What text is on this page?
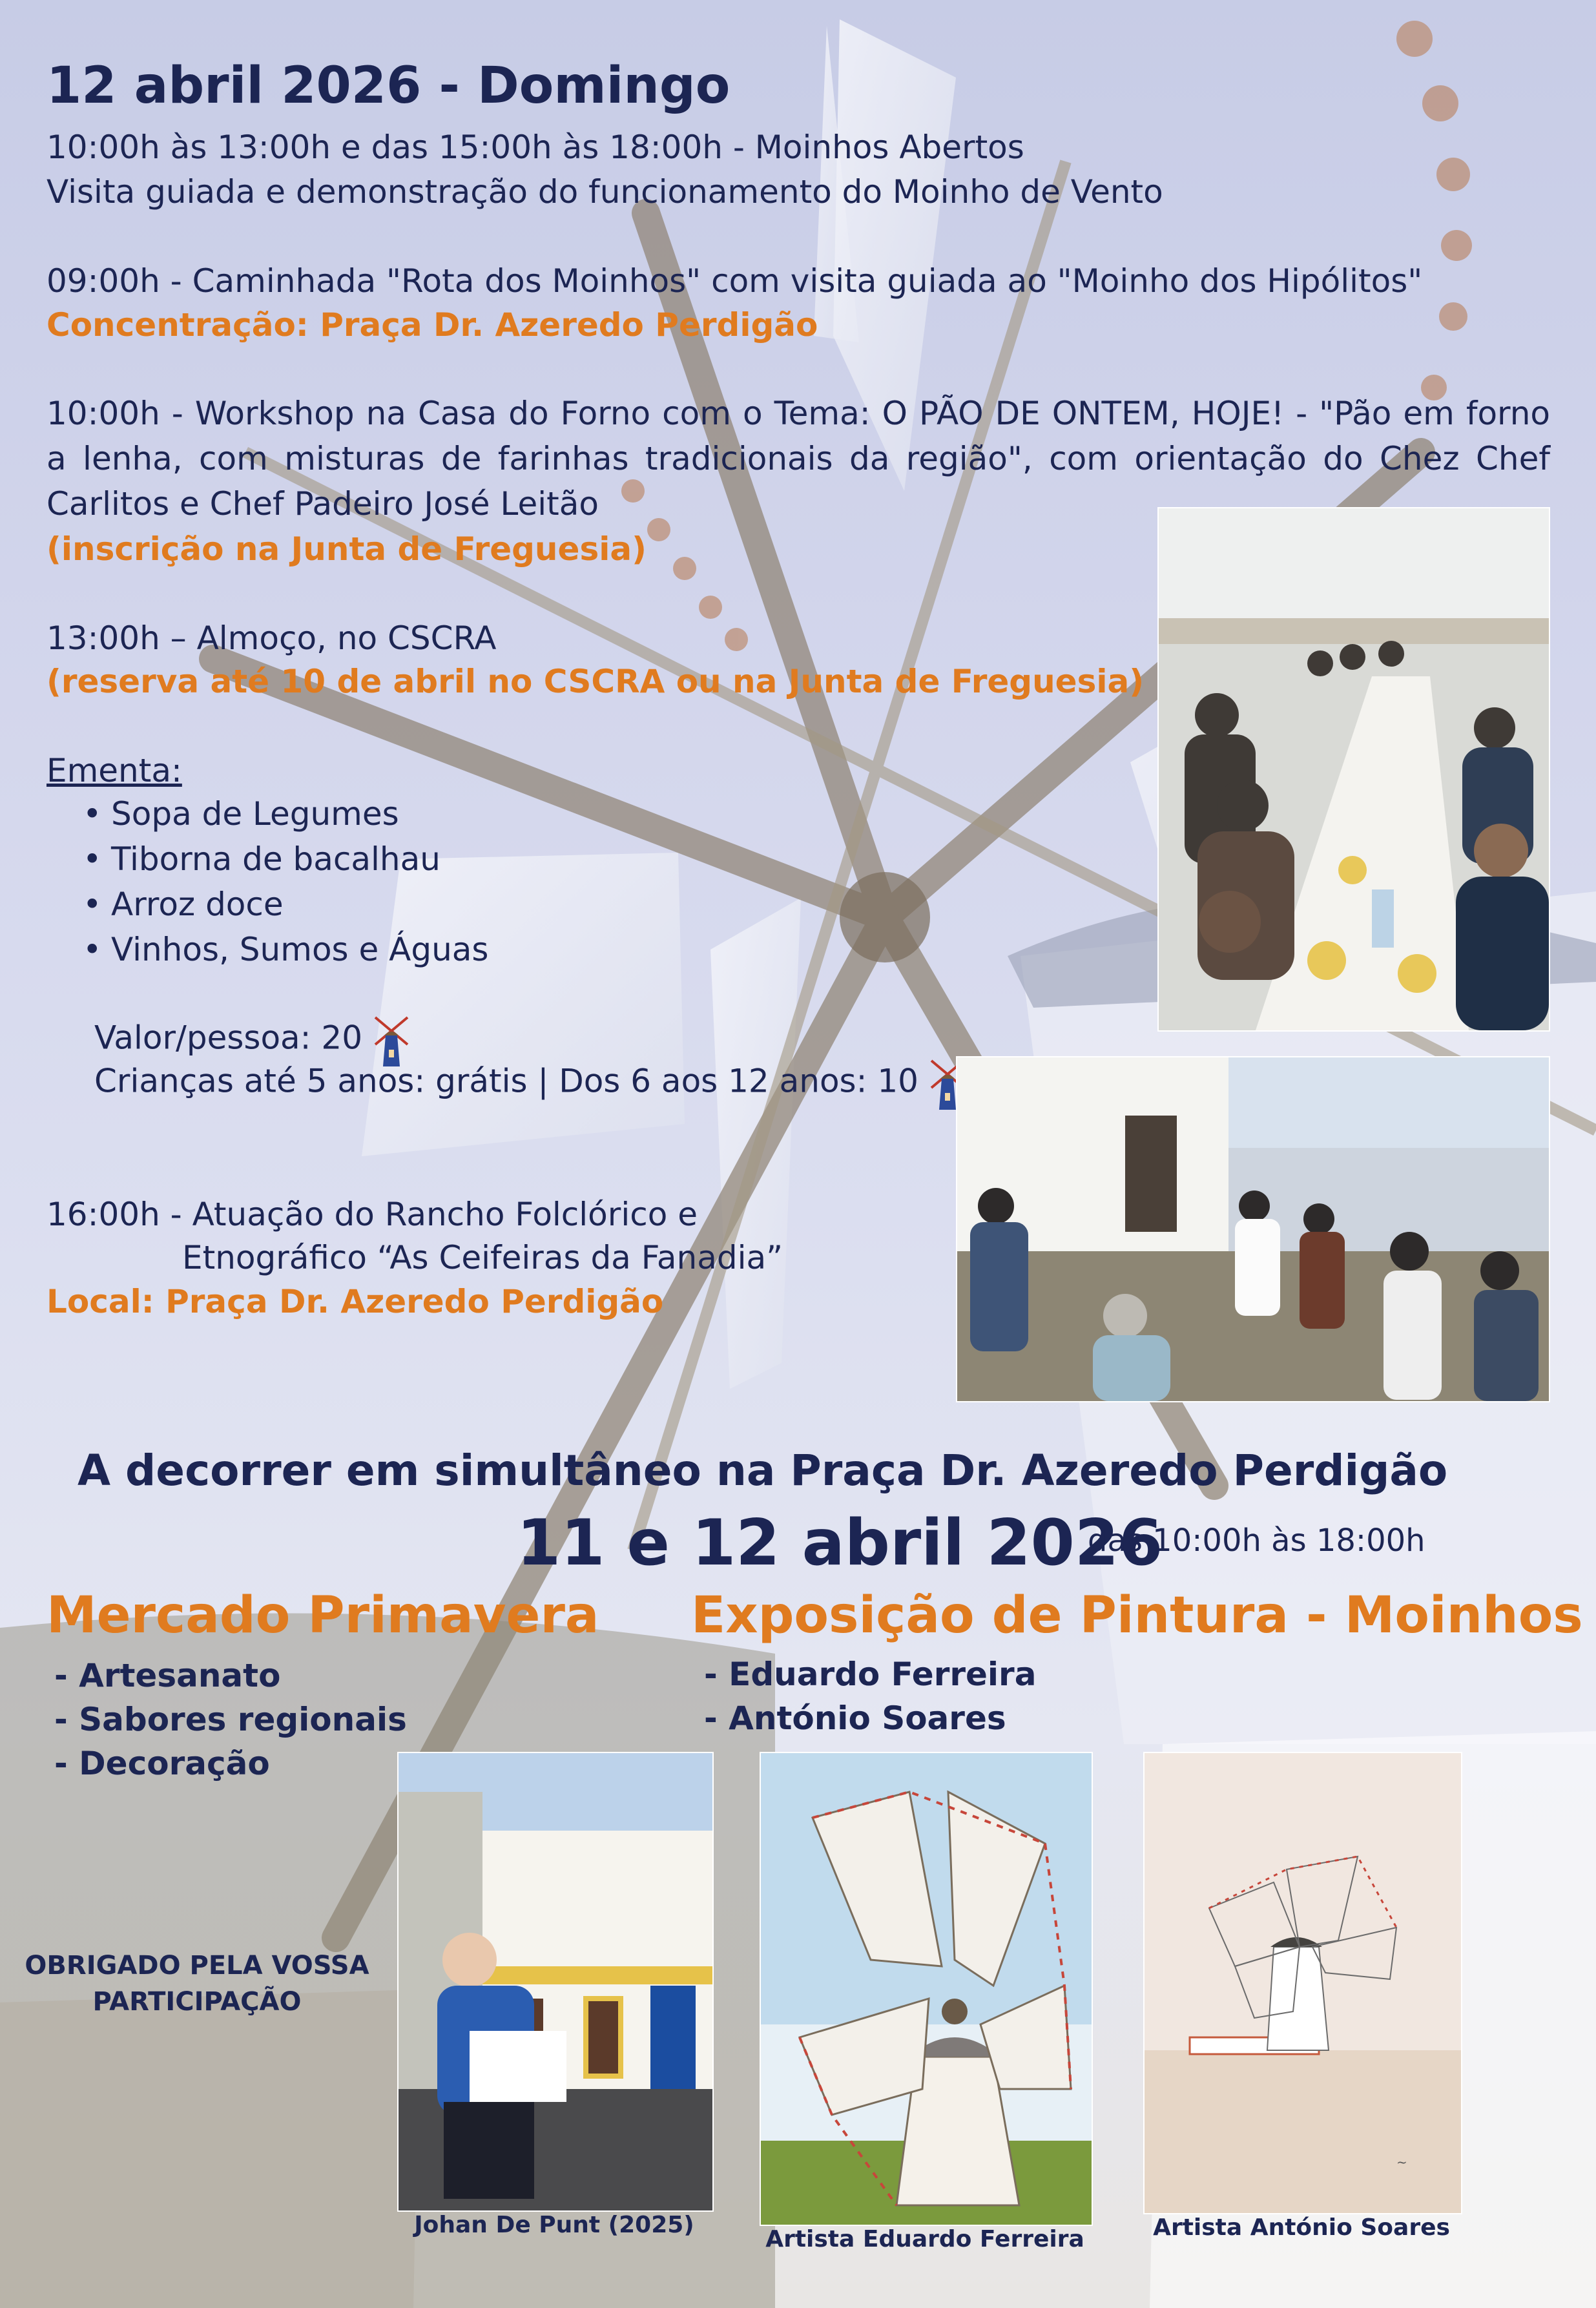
12 abril 2026 - Domingo
10:00h às 13:00h e das 15:00h às 18:00h - Moinhos Abertos
Visita guiada e demonstração do funcionamento do Moinho de Vento
09:00h - Caminhada "Rota dos Moinhos" com visita guiada ao "Moinho dos Hipólitos"
Concentração: Praça Dr. Azeredo Perdigão
10:00h - Workshop na Casa do Forno com o Tema: O PÃO DE ONTEM, HOJE! - "Pão em forno a lenha, com misturas de farinhas tradicionais da região", com orientação do Chez Chef Carlitos e Chef Padeiro José Leitão
(inscrição na Junta de Freguesia)
13:00h – Almoço, no CSCRA
(reserva até 10 de abril no CSCRA ou na Junta de Freguesia)
Ementa:
• Sopa de Legumes
• Tiborna de bacalhau
• Arroz doce
• Vinhos, Sumos e Águas
Valor/pessoa: 20
Crianças até 5 anos: grátis | Dos 6 aos 12 anos: 10
16:00h - Atuação do Rancho Folclórico e
Etnográfico “As Ceifeiras da Fanadia”
Local: Praça Dr. Azeredo Perdigão
A decorrer em simultâneo na Praça Dr. Azeredo Perdigão
11 e 12 abril 2026
das 10:00h às 18:00h
Mercado Primavera
- Artesanato
- Sabores regionais
- Decoração
Exposição de Pintura - Moinhos
- Eduardo Ferreira
- António Soares
OBRIGADO PELA VOSSA PARTICIPAÇÃO
Johan De Punt (2025)
Artista Eduardo Ferreira
~
Artista António Soares
